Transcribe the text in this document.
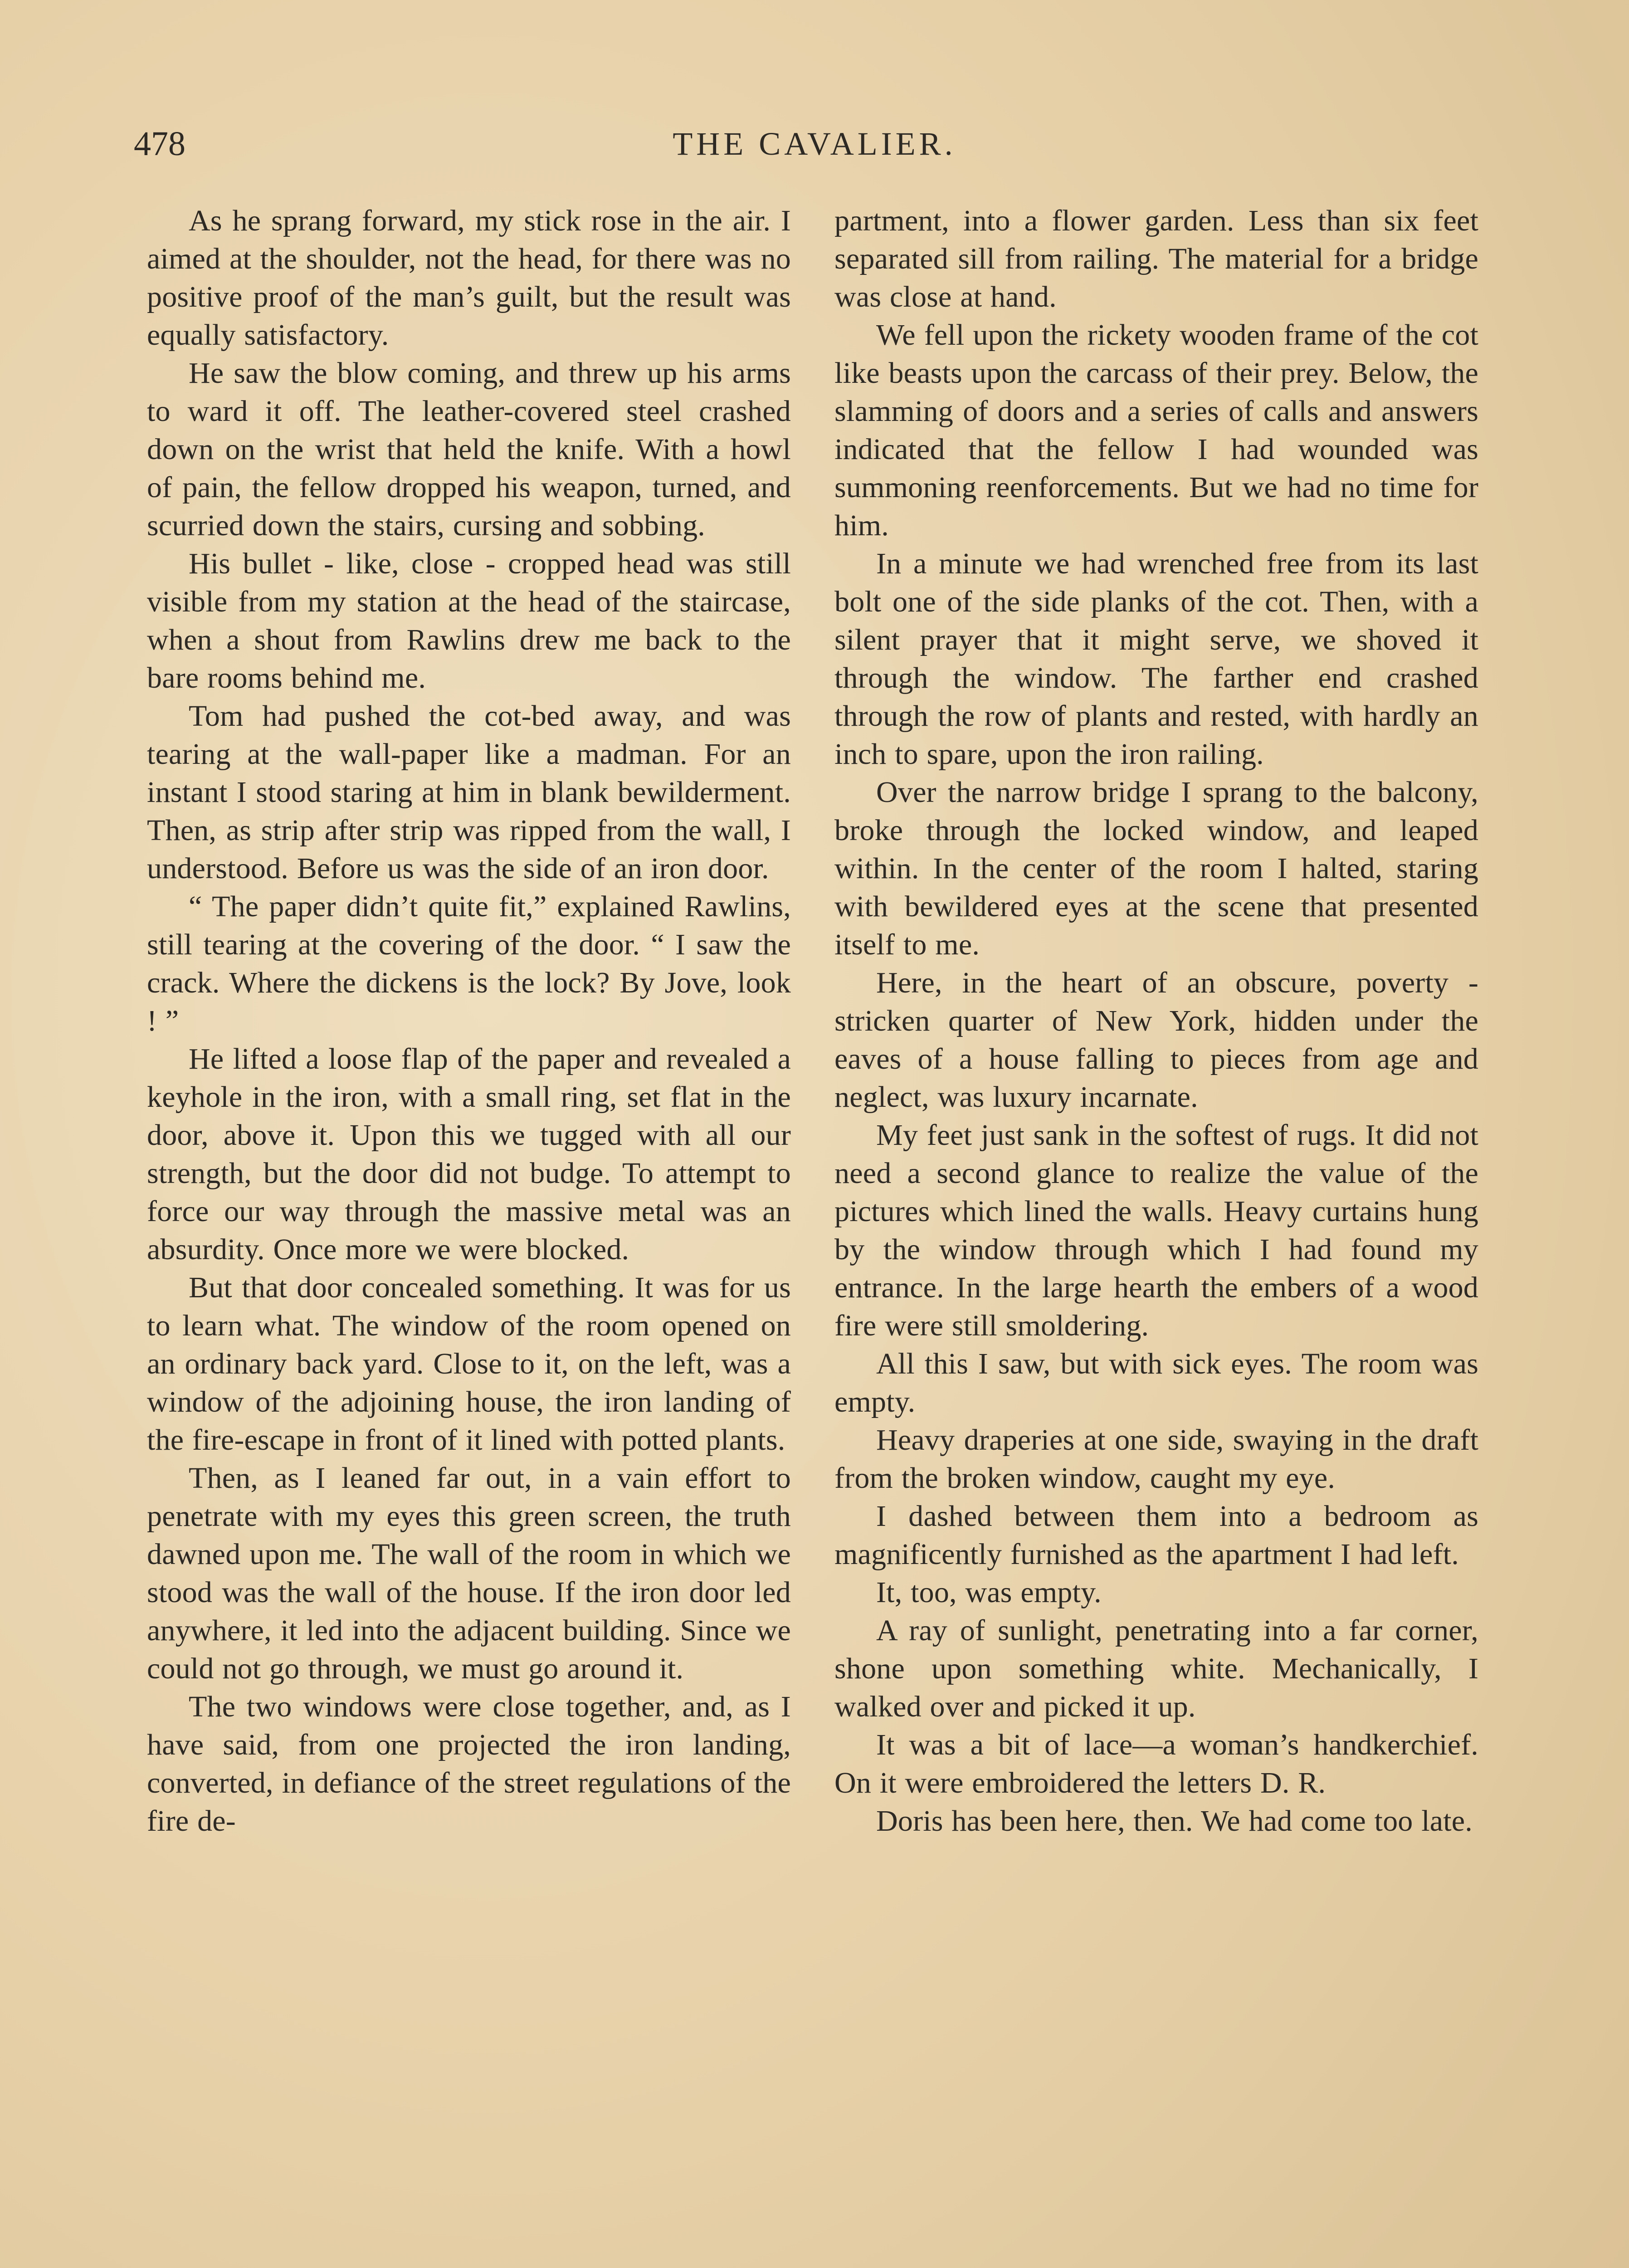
478	THE CAVALIER.

As he sprang forward, my stick rose in the air. I aimed at the shoulder, not the head, for there was no positive proof of the man’s guilt, but the result was equally satisfactory.

He saw the blow coming, and threw up his arms to ward it off. The leather-covered steel crashed down on the wrist that held the knife. With a howl of pain, the fellow dropped his weapon, turned, and scurried down the stairs, cursing and sobbing.

His bullet - like, close - cropped head was still visible from my station at the head of the staircase, when a shout from Rawlins drew me back to the bare rooms behind me.

Tom had pushed the cot-bed away, and was tearing at the wall-paper like a madman. For an instant I stood staring at him in blank bewilderment. Then, as strip after strip was ripped from the wall, I understood. Before us was the side of an iron door.

“ The paper didn’t quite fit,” explained Rawlins, still tearing at the covering of the door. “ I saw the crack. Where the dickens is the lock? By Jove, look ! ”

He lifted a loose flap of the paper and revealed a keyhole in the iron, with a small ring, set flat in the door, above it. Upon this we tugged with all our strength, but the door did not budge. To attempt to force our way through the massive metal was an absurdity. Once more we were blocked.

But that door concealed something. It was for us to learn what. The window of the room opened on an ordinary back yard. Close to it, on the left, was a window of the adjoining house, the iron landing of the fire-escape in front of it lined with potted plants.

Then, as I leaned far out, in a vain effort to penetrate with my eyes this green screen, the truth dawned upon me. The wall of the room in which we stood was the wall of the house. If the iron door led anywhere, it led into the adjacent building. Since we could not go through, we must go around it.

The two windows were close together, and, as I have said, from one projected the iron landing, converted, in defiance of the street regulations of the fire de-

partment, into a flower garden. Less than six feet separated sill from railing. The material for a bridge was close at hand.

We fell upon the rickety wooden frame of the cot like beasts upon the carcass of their prey. Below, the slamming of doors and a series of calls and answers indicated that the fellow I had wounded was summoning reenforcements. But we had no time for him.

In a minute we had wrenched free from its last bolt one of the side planks of the cot. Then, with a silent prayer that it might serve, we shoved it through the window. The farther end crashed through the row of plants and rested, with hardly an inch to spare, upon the iron railing.

Over the narrow bridge I sprang to the balcony, broke through the locked window, and leaped within. In the center of the room I halted, staring with bewildered eyes at the scene that presented itself to me.

Here, in the heart of an obscure, poverty - stricken quarter of New York, hidden under the eaves of a house falling to pieces from age and neglect, was luxury incarnate.

My feet just sank in the softest of rugs. It did not need a second glance to realize the value of the pictures which lined the walls. Heavy curtains hung by the window through which I had found my entrance. In the large hearth the embers of a wood fire were still smoldering.

All this I saw, but with sick eyes. The room was empty.

Heavy draperies at one side, swaying in the draft from the broken window, caught my eye.

I dashed between them into a bedroom as magnificently furnished as the apartment I had left.

It, too, was empty.

A ray of sunlight, penetrating into a far corner, shone upon something white. Mechanically, I walked over and picked it up.

It was a bit of lace—a woman’s handkerchief. On it were embroidered the letters D. R.

Doris has been here, then. We had come too late.
